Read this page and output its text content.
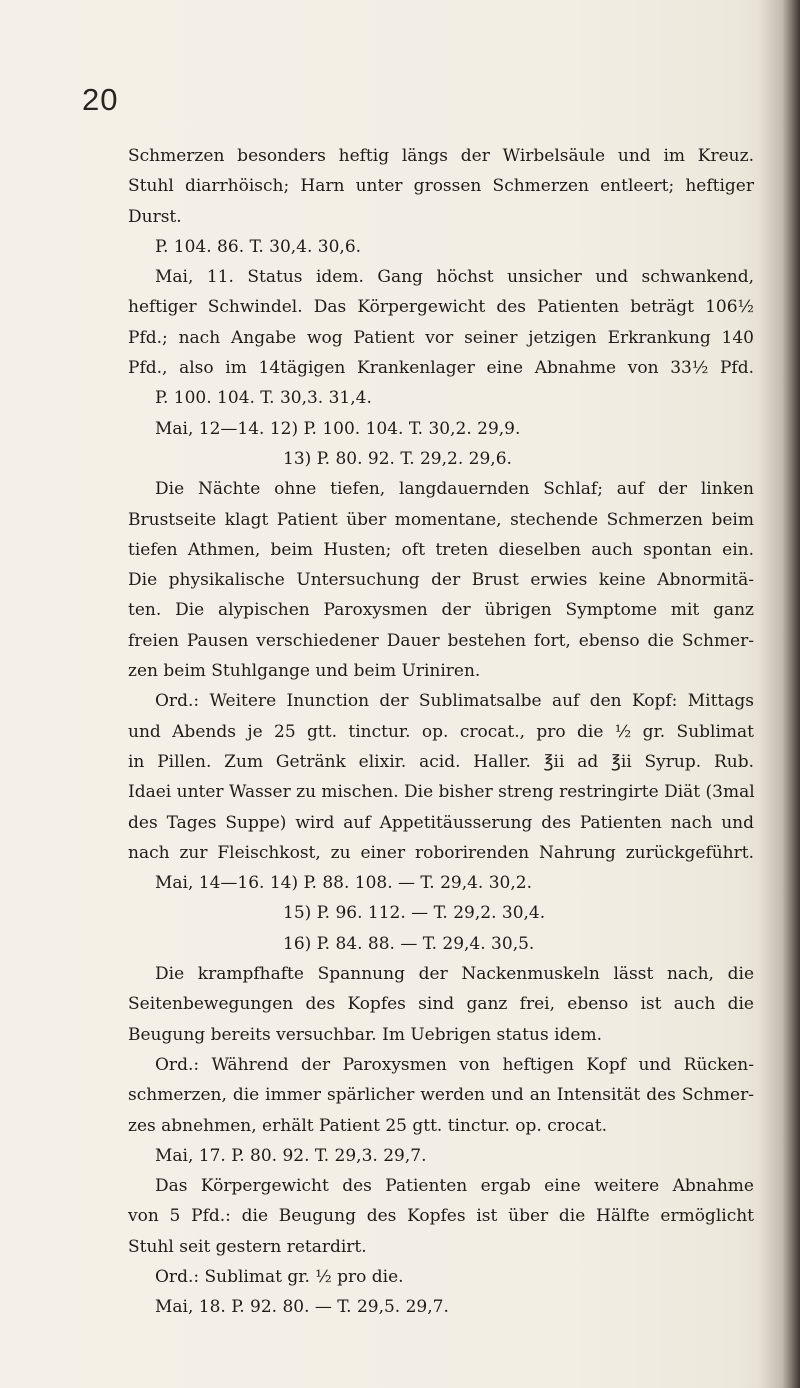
20
Schmerzen besonders heftig längs der Wirbelsäule und im Kreuz.
Stuhl diarrhöisch; Harn unter grossen Schmerzen entleert; heftiger
Durst.
P. 104. 86. T. 30,4. 30,6.
Mai, 11. Status idem. Gang höchst unsicher und schwankend,
heftiger Schwindel. Das Körpergewicht des Patienten beträgt 106½
Pfd.; nach Angabe wog Patient vor seiner jetzigen Erkrankung 140
Pfd., also im 14tägigen Krankenlager eine Abnahme von 33½ Pfd.
P. 100. 104. T. 30,3. 31,4.
Mai, 12—14. 12) P. 100. 104. T. 30,2. 29,9.
13) P. 80. 92. T. 29,2. 29,6.
Die Nächte ohne tiefen, langdauernden Schlaf; auf der linken
Brustseite klagt Patient über momentane, stechende Schmerzen beim
tiefen Athmen, beim Husten; oft treten dieselben auch spontan ein.
Die physikalische Untersuchung der Brust erwies keine Abnormitä-
ten. Die alypischen Paroxysmen der übrigen Symptome mit ganz
freien Pausen verschiedener Dauer bestehen fort, ebenso die Schmer-
zen beim Stuhlgange und beim Uriniren.
Ord.: Weitere Inunction der Sublimatsalbe auf den Kopf: Mittags
und Abends je 25 gtt. tinctur. op. crocat., pro die ½ gr. Sublimat
in Pillen. Zum Getränk elixir. acid. Haller. ℥ii ad ℥ii Syrup. Rub.
Idaei unter Wasser zu mischen. Die bisher streng restringirte Diät (3mal
des Tages Suppe) wird auf Appetitäusserung des Patienten nach und
nach zur Fleischkost, zu einer roborirenden Nahrung zurückgeführt.
Mai, 14—16. 14) P. 88. 108. — T. 29,4. 30,2.
15) P. 96. 112. — T. 29,2. 30,4.
16) P. 84. 88. — T. 29,4. 30,5.
Die krampfhafte Spannung der Nackenmuskeln lässt nach, die
Seitenbewegungen des Kopfes sind ganz frei, ebenso ist auch die
Beugung bereits versuchbar. Im Uebrigen status idem.
Ord.: Während der Paroxysmen von heftigen Kopf und Rücken-
schmerzen, die immer spärlicher werden und an Intensität des Schmer-
zes abnehmen, erhält Patient 25 gtt. tinctur. op. crocat.
Mai, 17. P. 80. 92. T. 29,3. 29,7.
Das Körpergewicht des Patienten ergab eine weitere Abnahme
von 5 Pfd.: die Beugung des Kopfes ist über die Hälfte ermöglicht
Stuhl seit gestern retardirt.
Ord.: Sublimat gr. ½ pro die.
Mai, 18. P. 92. 80. — T. 29,5. 29,7.
